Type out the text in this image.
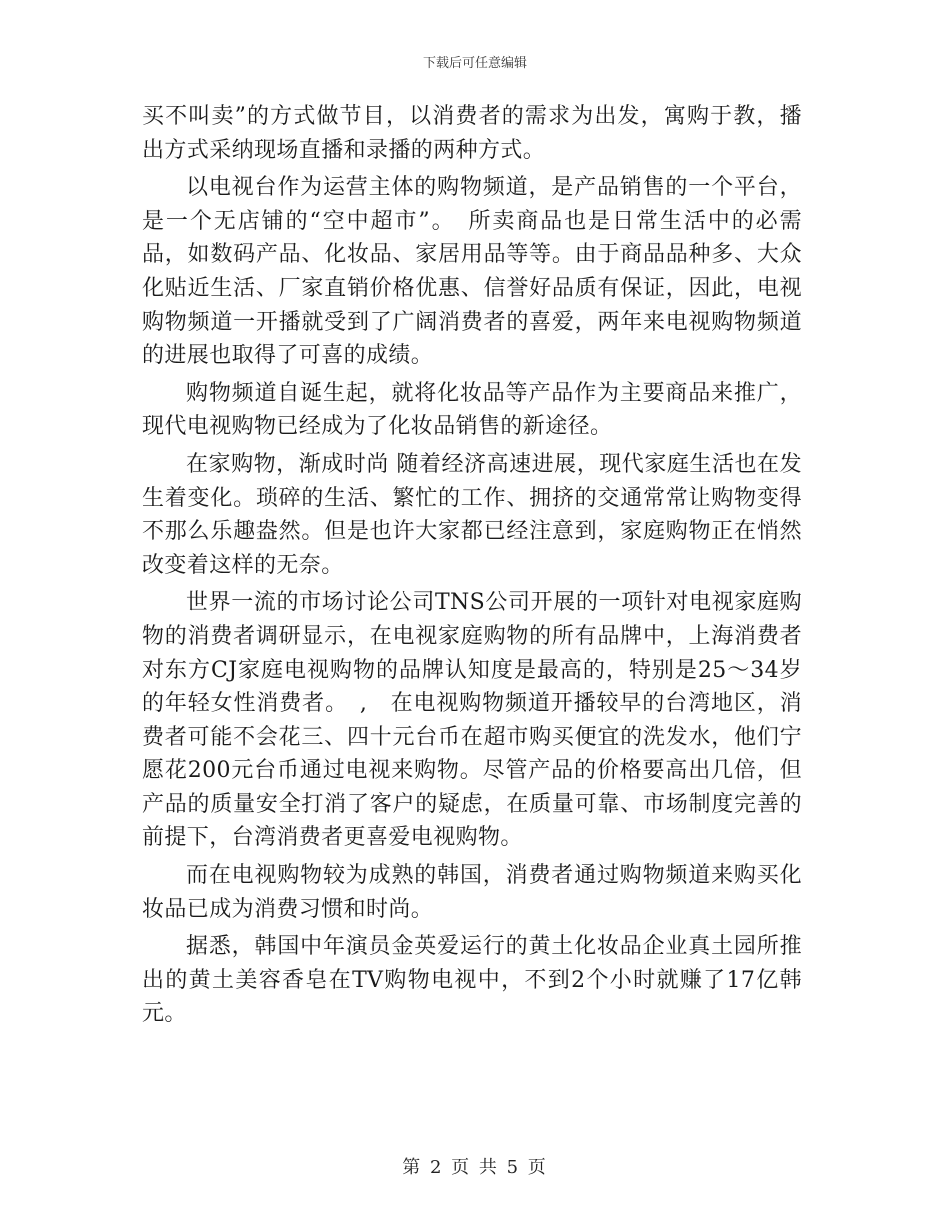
下载后可任意编辑

买不叫卖”的方式做节目，以消费者的需求为出发，寓购于教，播出方式采纳现场直播和录播的两种方式。

以电视台作为运营主体的购物频道，是产品销售的一个平台，是一个无店铺的“空中超市”。　所卖商品也是日常生活中的必需品，如数码产品、化妆品、家居用品等等。由于商品品种多、大众化贴近生活、厂家直销价格优惠、信誉好品质有保证，因此，电视购物频道一开播就受到了广阔消费者的喜爱，两年来电视购物频道的进展也取得了可喜的成绩。

购物频道自诞生起，就将化妆品等产品作为主要商品来推广，现代电视购物已经成为了化妆品销售的新途径。

在家购物，渐成时尚 随着经济高速进展，现代家庭生活也在发生着变化。琐碎的生活、繁忙的工作、拥挤的交通常常让购物变得不那么乐趣盎然。但是也许大家都已经注意到，家庭购物正在悄然改变着这样的无奈。

世界一流的市场讨论公司TNS公司开展的一项针对电视家庭购物的消费者调研显示，在电视家庭购物的所有品牌中，上海消费者对东方CJ家庭电视购物的品牌认知度是最高的，特别是25～34岁的年轻女性消费者。　,　在电视购物频道开播较早的台湾地区，消费者可能不会花三、四十元台币在超市购买便宜的洗发水，他们宁愿花200元台币通过电视来购物。尽管产品的价格要高出几倍，但产品的质量安全打消了客户的疑虑，在质量可靠、市场制度完善的前提下，台湾消费者更喜爱电视购物。

而在电视购物较为成熟的韩国，消费者通过购物频道来购买化妆品已成为消费习惯和时尚。

据悉，韩国中年演员金英爱运行的黄土化妆品企业真土园所推出的黄土美容香皂在TV购物电视中，不到2个小时就赚了17亿韩元。

第 2 页 共 5 页
